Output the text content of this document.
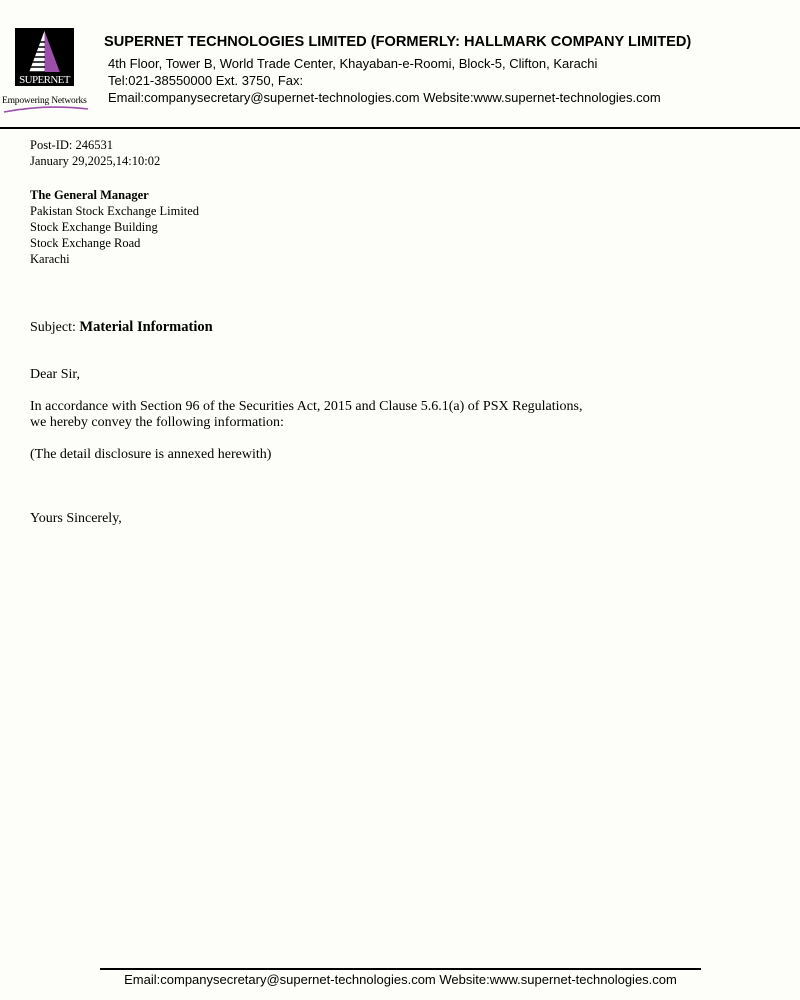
SUPERNET
Empowering Networks
SUPERNET TECHNOLOGIES LIMITED (FORMERLY: HALLMARK COMPANY LIMITED)
4th Floor, Tower B, World Trade Center, Khayaban-e-Roomi, Block-5, Clifton, Karachi
Tel:021-38550000 Ext. 3750, Fax:
Email:companysecretary@supernet-technologies.com Website:www.supernet-technologies.com
Post-ID: 246531
January 29,2025,14:10:02
The General Manager
Pakistan Stock Exchange Limited
Stock Exchange Building
Stock Exchange Road
Karachi
Subject: Material Information
Dear Sir,
In accordance with Section 96 of the Securities Act, 2015 and Clause 5.6.1(a) of PSX Regulations,
we hereby convey the following information:
(The detail disclosure is annexed herewith)
Yours Sincerely,
Email:companysecretary@supernet-technologies.com Website:www.supernet-technologies.com
